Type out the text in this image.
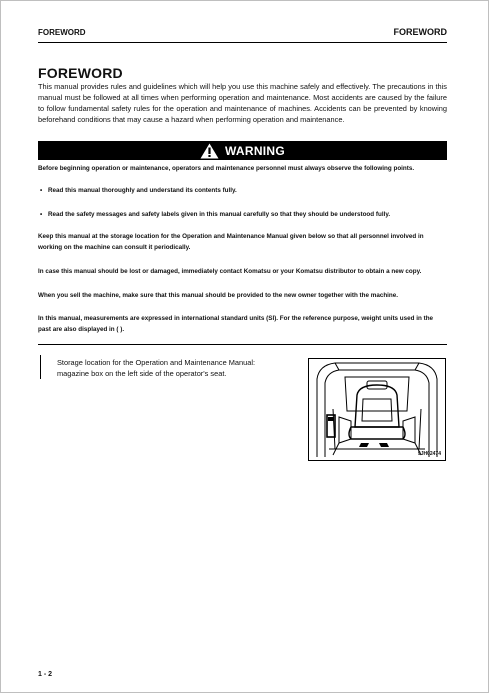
FOREWORD	FOREWORD
FOREWORD
This manual provides rules and guidelines which will help you use this machine safely and effectively. The precautions in this manual must be followed at all times when performing operation and maintenance. Most accidents are caused by the failure to follow fundamental safety rules for the operation and maintenance of machines. Accidents can be prevented by knowing beforehand conditions that may cause a hazard when performing operation and maintenance.
WARNING
Before beginning operation or maintenance, operators and maintenance personnel must always observe the following points.
• Read this manual thoroughly and understand its contents fully.
• Read the safety messages and safety labels given in this manual carefully so that they should be understood fully.
Keep this manual at the storage location for the Operation and Maintenance Manual given below so that all personnel involved in working on the machine can consult it periodically.
In case this manual should be lost or damaged, immediately contact Komatsu or your Komatsu distributor to obtain a new copy.
When you sell the machine, make sure that this manual should be provided to the new owner together with the machine.
In this manual, measurements are expressed in international standard units (SI). For the reference purpose, weight units used in the past are also displayed in ( ).
Storage location for the Operation and Maintenance Manual: magazine box on the left side of the operator's seat.
9JH02474
1 - 2
